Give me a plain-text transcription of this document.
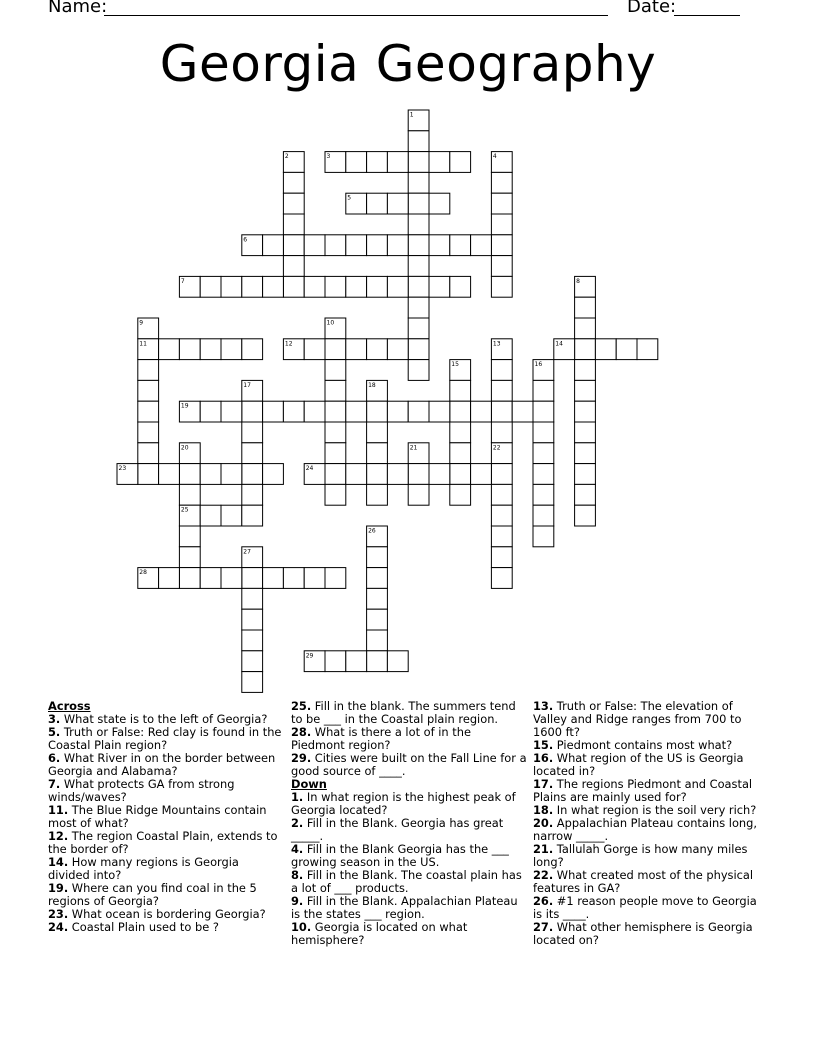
Name:	Date:
Georgia Geography
1
2	3	4
5
6
7	8
9	10
11	12	13	14
15	16
17	18
19
20	21	22
23	24
25
26
27
28
29
Across
3. What state is to the left of Georgia?
5. Truth or False: Red clay is found in the Coastal Plain region?
6. What River in on the border between Georgia and Alabama?
7. What protects GA from strong winds/waves?
11. The Blue Ridge Mountains contain most of what?
12. The region Coastal Plain, extends to the border of?
14. How many regions is Georgia divided into?
19. Where can you find coal in the 5 regions of Georgia?
23. What ocean is bordering Georgia?
24. Coastal Plain used to be ?
25. Fill in the blank. The summers tend to be ___ in the Coastal plain region.
28. What is there a lot of in the Piedmont region?
29. Cities were built on the Fall Line for a good source of ____.
Down
1. In what region is the highest peak of Georgia located?
2. Fill in the Blank. Georgia has great _____.
4. Fill in the Blank Georgia has the ___ growing season in the US.
8. Fill in the Blank. The coastal plain has a lot of ___ products.
9. Fill in the Blank. Appalachian Plateau is the states ___ region.
10. Georgia is located on what hemisphere?
13. Truth or False: The elevation of Valley and Ridge ranges from 700 to 1600 ft?
15. Piedmont contains most what?
16. What region of the US is Georgia located in?
17. The regions Piedmont and Coastal Plains are mainly used for?
18. In what region is the soil very rich?
20. Appalachian Plateau contains long, narrow _____.
21. Tallulah Gorge is how many miles long?
22. What created most of the physical features in GA?
26. #1 reason people move to Georgia is its ____.
27. What other hemisphere is Georgia located on?
